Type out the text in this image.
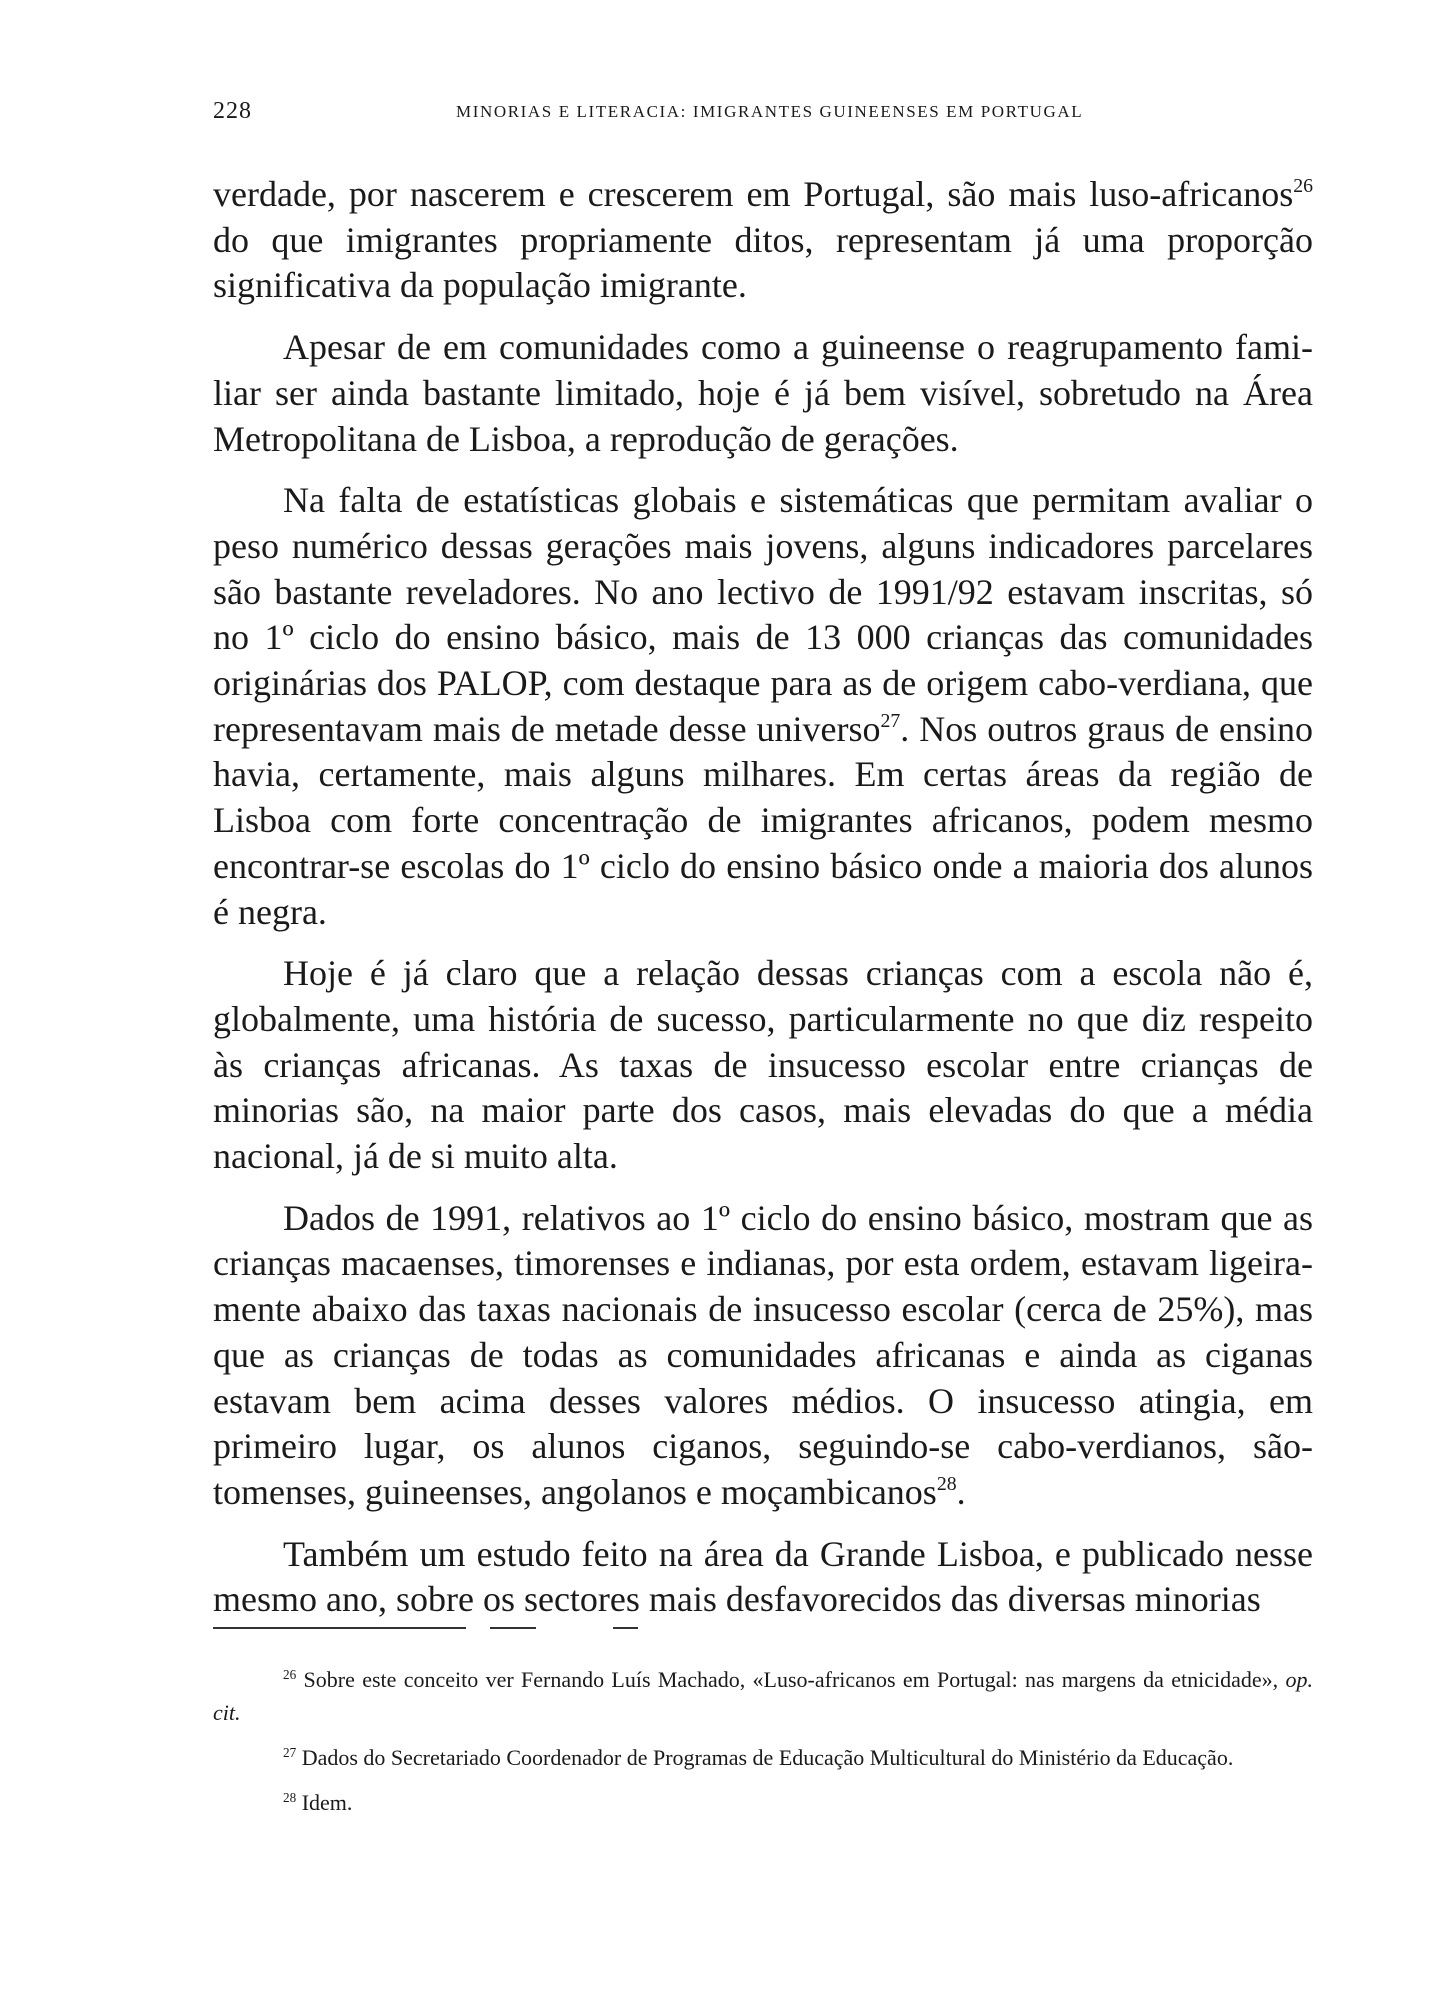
228	MINORIAS E LITERACIA: IMIGRANTES GUINEENSES EM PORTUGAL

verdade, por nascerem e crescerem em Portugal, são mais luso-africanos$^{26}$ do que imigrantes propriamente ditos, representam já uma proporção significativa da população imigrante.

Apesar de em comunidades como a guineense o reagrupamento familiar ser ainda bastante limitado, hoje é já bem visível, sobretudo na Área Metropolitana de Lisboa, a reprodução de gerações.

Na falta de estatísticas globais e sistemáticas que permitam avaliar o peso numérico dessas gerações mais jovens, alguns indicadores parcelares são bastante reveladores. No ano lectivo de 1991/92 estavam inscritas, só no 1º ciclo do ensino básico, mais de 13 000 crianças das comunidades originárias dos PALOP, com destaque para as de origem cabo-verdiana, que representavam mais de metade desse universo$^{27}$. Nos outros graus de ensino havia, certamente, mais alguns milhares. Em certas áreas da região de Lisboa com forte concentração de imigrantes africanos, podem mesmo encontrar-se escolas do 1º ciclo do ensino básico onde a maioria dos alunos é negra.

Hoje é já claro que a relação dessas crianças com a escola não é, globalmente, uma história de sucesso, particularmente no que diz respeito às crianças africanas. As taxas de insucesso escolar entre crianças de minorias são, na maior parte dos casos, mais elevadas do que a média nacional, já de si muito alta.

Dados de 1991, relativos ao 1º ciclo do ensino básico, mostram que as crianças macaenses, timorenses e indianas, por esta ordem, estavam ligeiramente abaixo das taxas nacionais de insucesso escolar (cerca de 25%), mas que as crianças de todas as comunidades africanas e ainda as ciganas estavam bem acima desses valores médios. O insucesso atingia, em primeiro lugar, os alunos ciganos, seguindo-se cabo-verdianos, são-tomenses, guineenses, angolanos e moçambicanos$^{28}$.

Também um estudo feito na área da Grande Lisboa, e publicado nesse mesmo ano, sobre os sectores mais desfavorecidos das diversas minorias

$^{26}$ Sobre este conceito ver Fernando Luís Machado, «Luso-africanos em Portugal: nas margens da etnicidade», op. cit.

$^{27}$ Dados do Secretariado Coordenador de Programas de Educação Multicultural do Ministério da Educação.

$^{28}$ Idem.
